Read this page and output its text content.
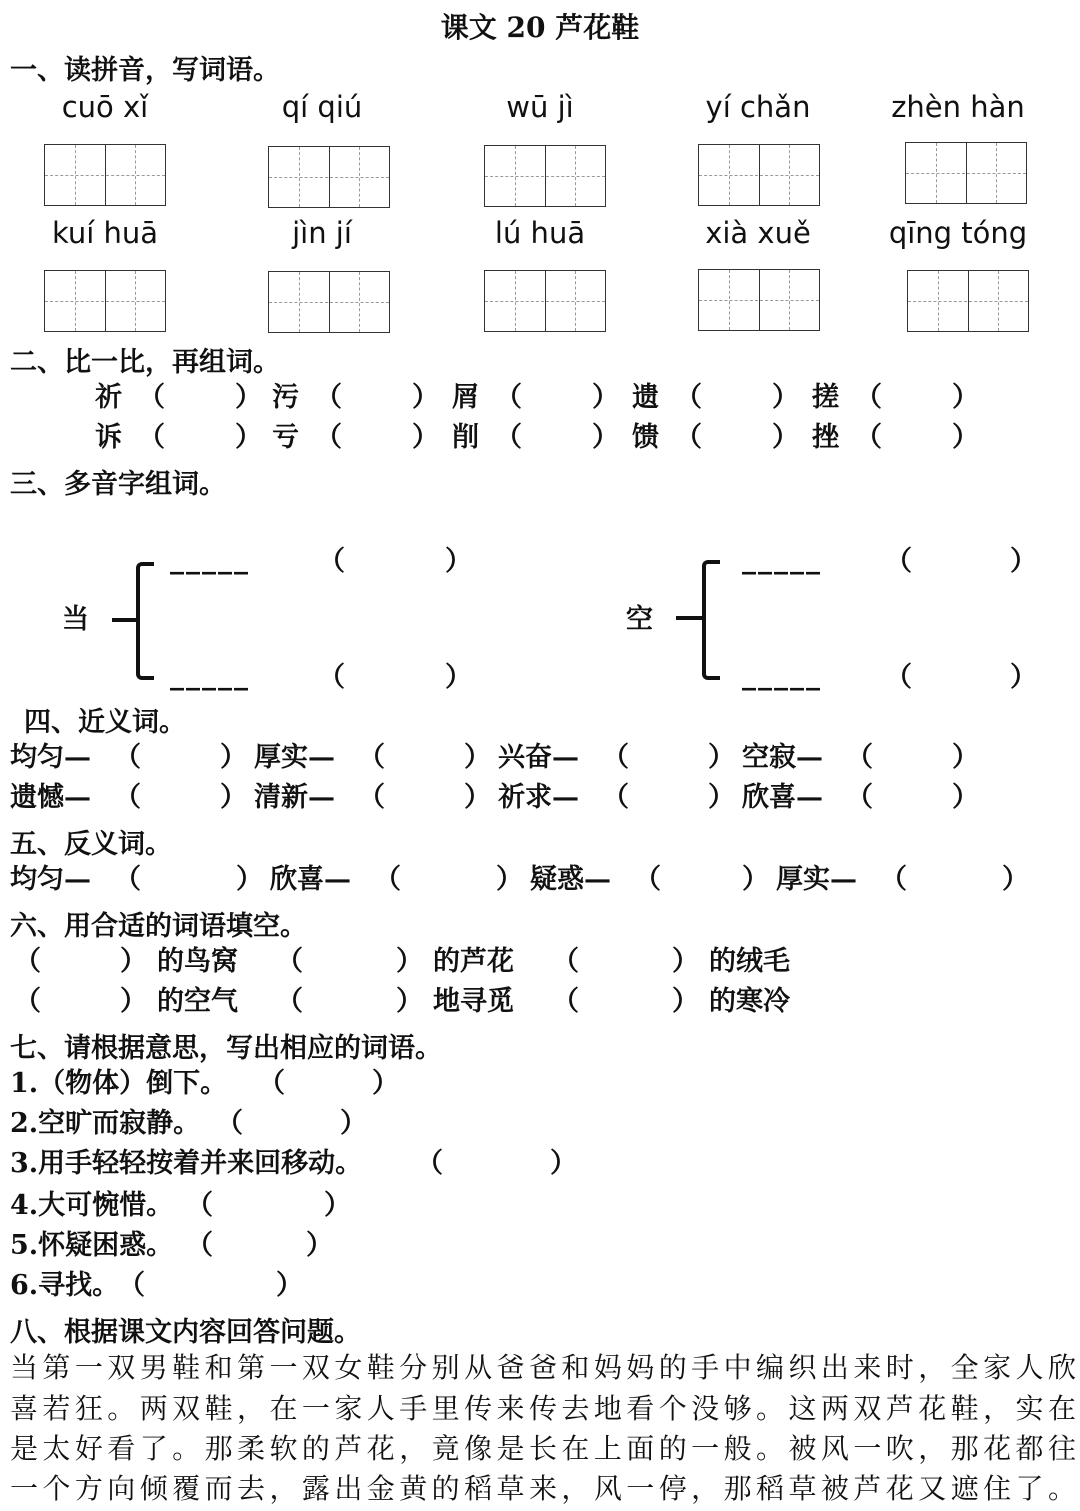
课文 20 芦花鞋
一、读拼音，写词语。
cuō xǐ	qí qiú	wū jì	yí chǎn	zhèn hàn
kuí huā	jìn jí	lú huā	xià xuě	qīng tóng
二、比一比，再组词。
祈 （	） 污 （	） 屑 （	） 遗 （	） 搓 （	）
诉 （	） 亏 （	） 削 （	） 馈 （	） 挫 （	）
三、多音字组词。
当
_____	（	）
_____	（	）
空
_____ （	）
_____ （	）
四、近义词。
均匀— （	） 厚实— （	） 兴奋— （	） 空寂— （	）
遗憾— （	） 清新— （	） 祈求— （	） 欣喜— （	）
五、反义词。
均匀— （	） 欣喜— （	） 疑惑— （	） 厚实— （	）
六、用合适的词语填空。
（	） 的鸟窝 （	） 的芦花 （	） 的绒毛
（	） 的空气 （	） 地寻觅 （	） 的寒冷
七、请根据意思，写出相应的词语。
1.（物体）倒下。 （	）
2.空旷而寂静。 （	）
3.用手轻轻按着并来回移动。 （	）
4.大可惋惜。 （	）
5.怀疑困惑。 （	）
6.寻找。
（	）
八、根据课文内容回答问题。
当第一双男鞋和第一双女鞋分别从爸爸和妈妈的手中编织出来时，全家人欣
喜若狂。两双鞋，在一家人手里传来传去地看个没够。这两双芦花鞋，实在
是太好看了。那柔软的芦花，竟像是长在上面的一般。被风一吹，那花都往
一个方向倾覆而去，露出金黄的稻草来，风一停，那稻草被芦花又遮住了。
